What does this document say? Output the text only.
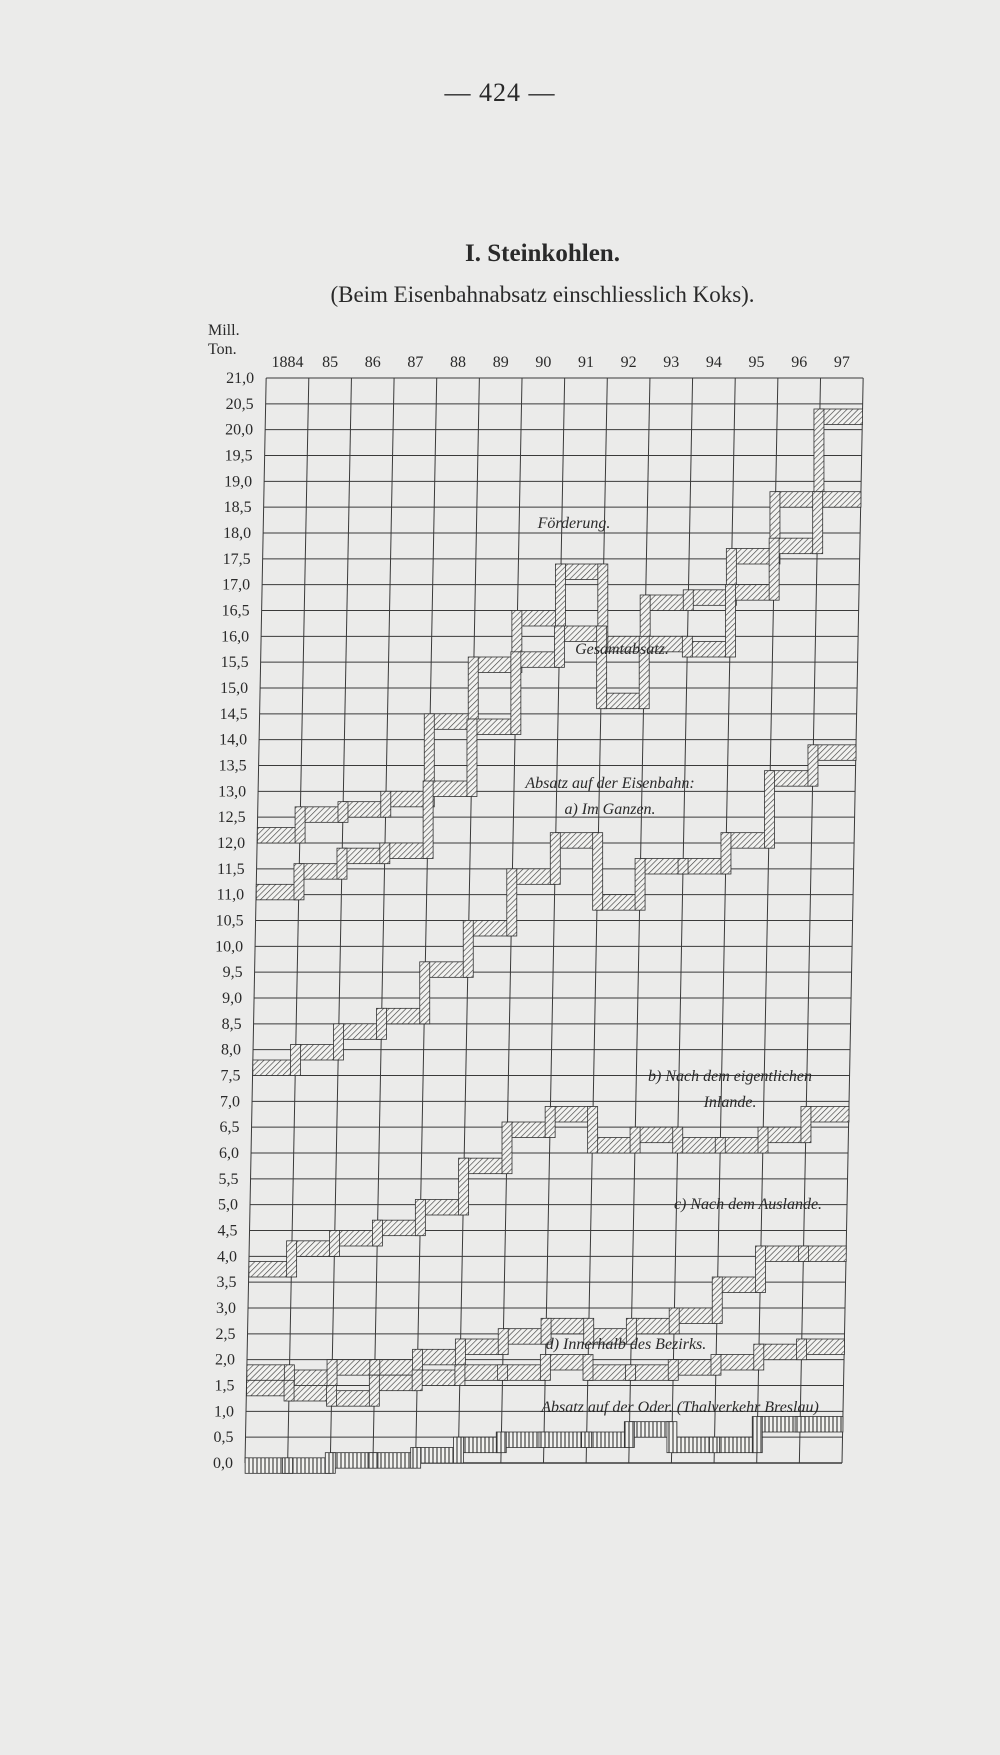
— 424 —
I. Steinkohlen.
(Beim Eisenbahnabsatz einschliesslich Koks).
0,0
0,5
1,0
1,5
2,0
2,5
3,0
3,5
4,0
4,5
5,0
5,5
6,0
6,5
7,0
7,5
8,0
8,5
9,0
9,5
10,0
10,5
11,0
11,5
12,0
12,5
13,0
13,5
14,0
14,5
15,0
15,5
16,0
16,5
17,0
17,5
18,0
18,5
19,0
19,5
20,0
20,5
21,0
1884 85 86 87 88 89 90 91 92 93 94 95 96 97
Förderung.
Gesamtabsatz.
Absatz auf der Eisenbahn: a) Im Ganzen.
b) Nach dem eigentlichen Inlande.
c) Nach dem Auslande.
d) Innerhalb des Bezirks.
Absatz auf der Oder. (Thalverkehr Breslau)
Mill.
Ton.
